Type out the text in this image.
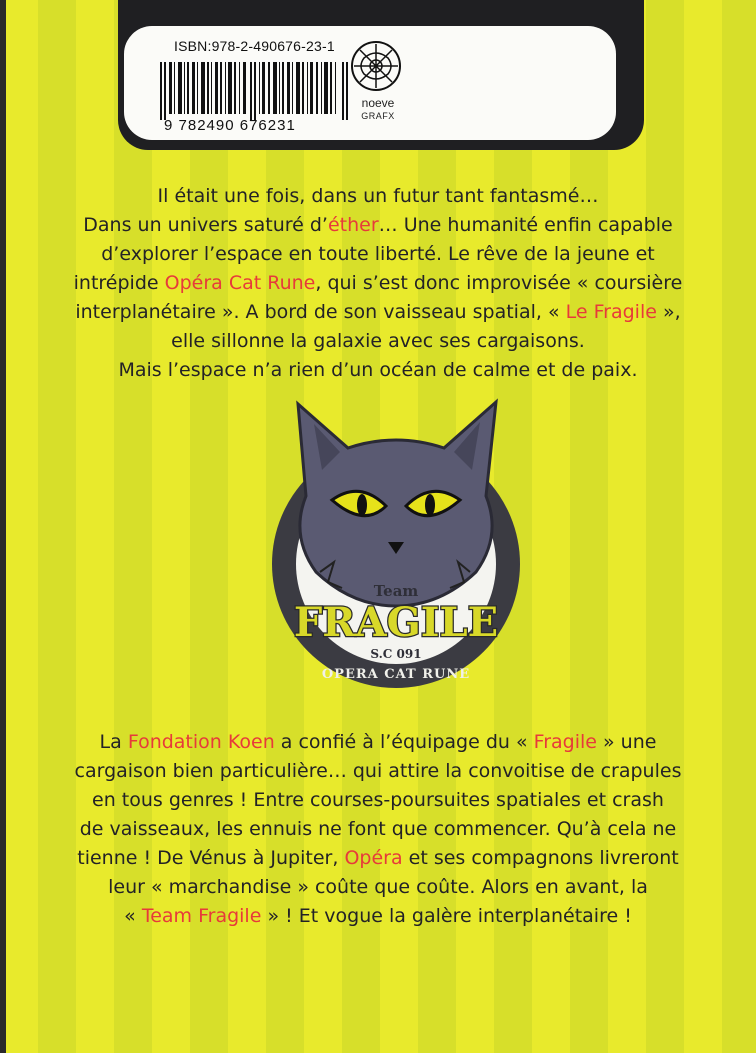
ISBN:978-2-490676-23-1
9 782490 676231
noeve
GRAFX
Il était une fois, dans un futur tant fantasmé…
Dans un univers saturé d’éther… Une humanité enfin capable
d’explorer l’espace en toute liberté. Le rêve de la jeune et
intrépide Opéra Cat Rune, qui s’est donc improvisée « coursière
interplanétaire ». A bord de son vaisseau spatial, « Le Fragile »,
elle sillonne la galaxie avec ses cargaisons.
Mais l’espace n’a rien d’un océan de calme et de paix.
Team
FRAGILE
S.C 091
OPERA CAT RUNE
La Fondation Koen a confié à l’équipage du « Fragile » une
cargaison bien particulière… qui attire la convoitise de crapules
en tous genres ! Entre courses-poursuites spatiales et crash
de vaisseaux, les ennuis ne font que commencer. Qu’à cela ne
tienne ! De Vénus à Jupiter, Opéra et ses compagnons livreront
leur « marchandise » coûte que coûte. Alors en avant, la
« Team Fragile » ! Et vogue la galère interplanétaire !
